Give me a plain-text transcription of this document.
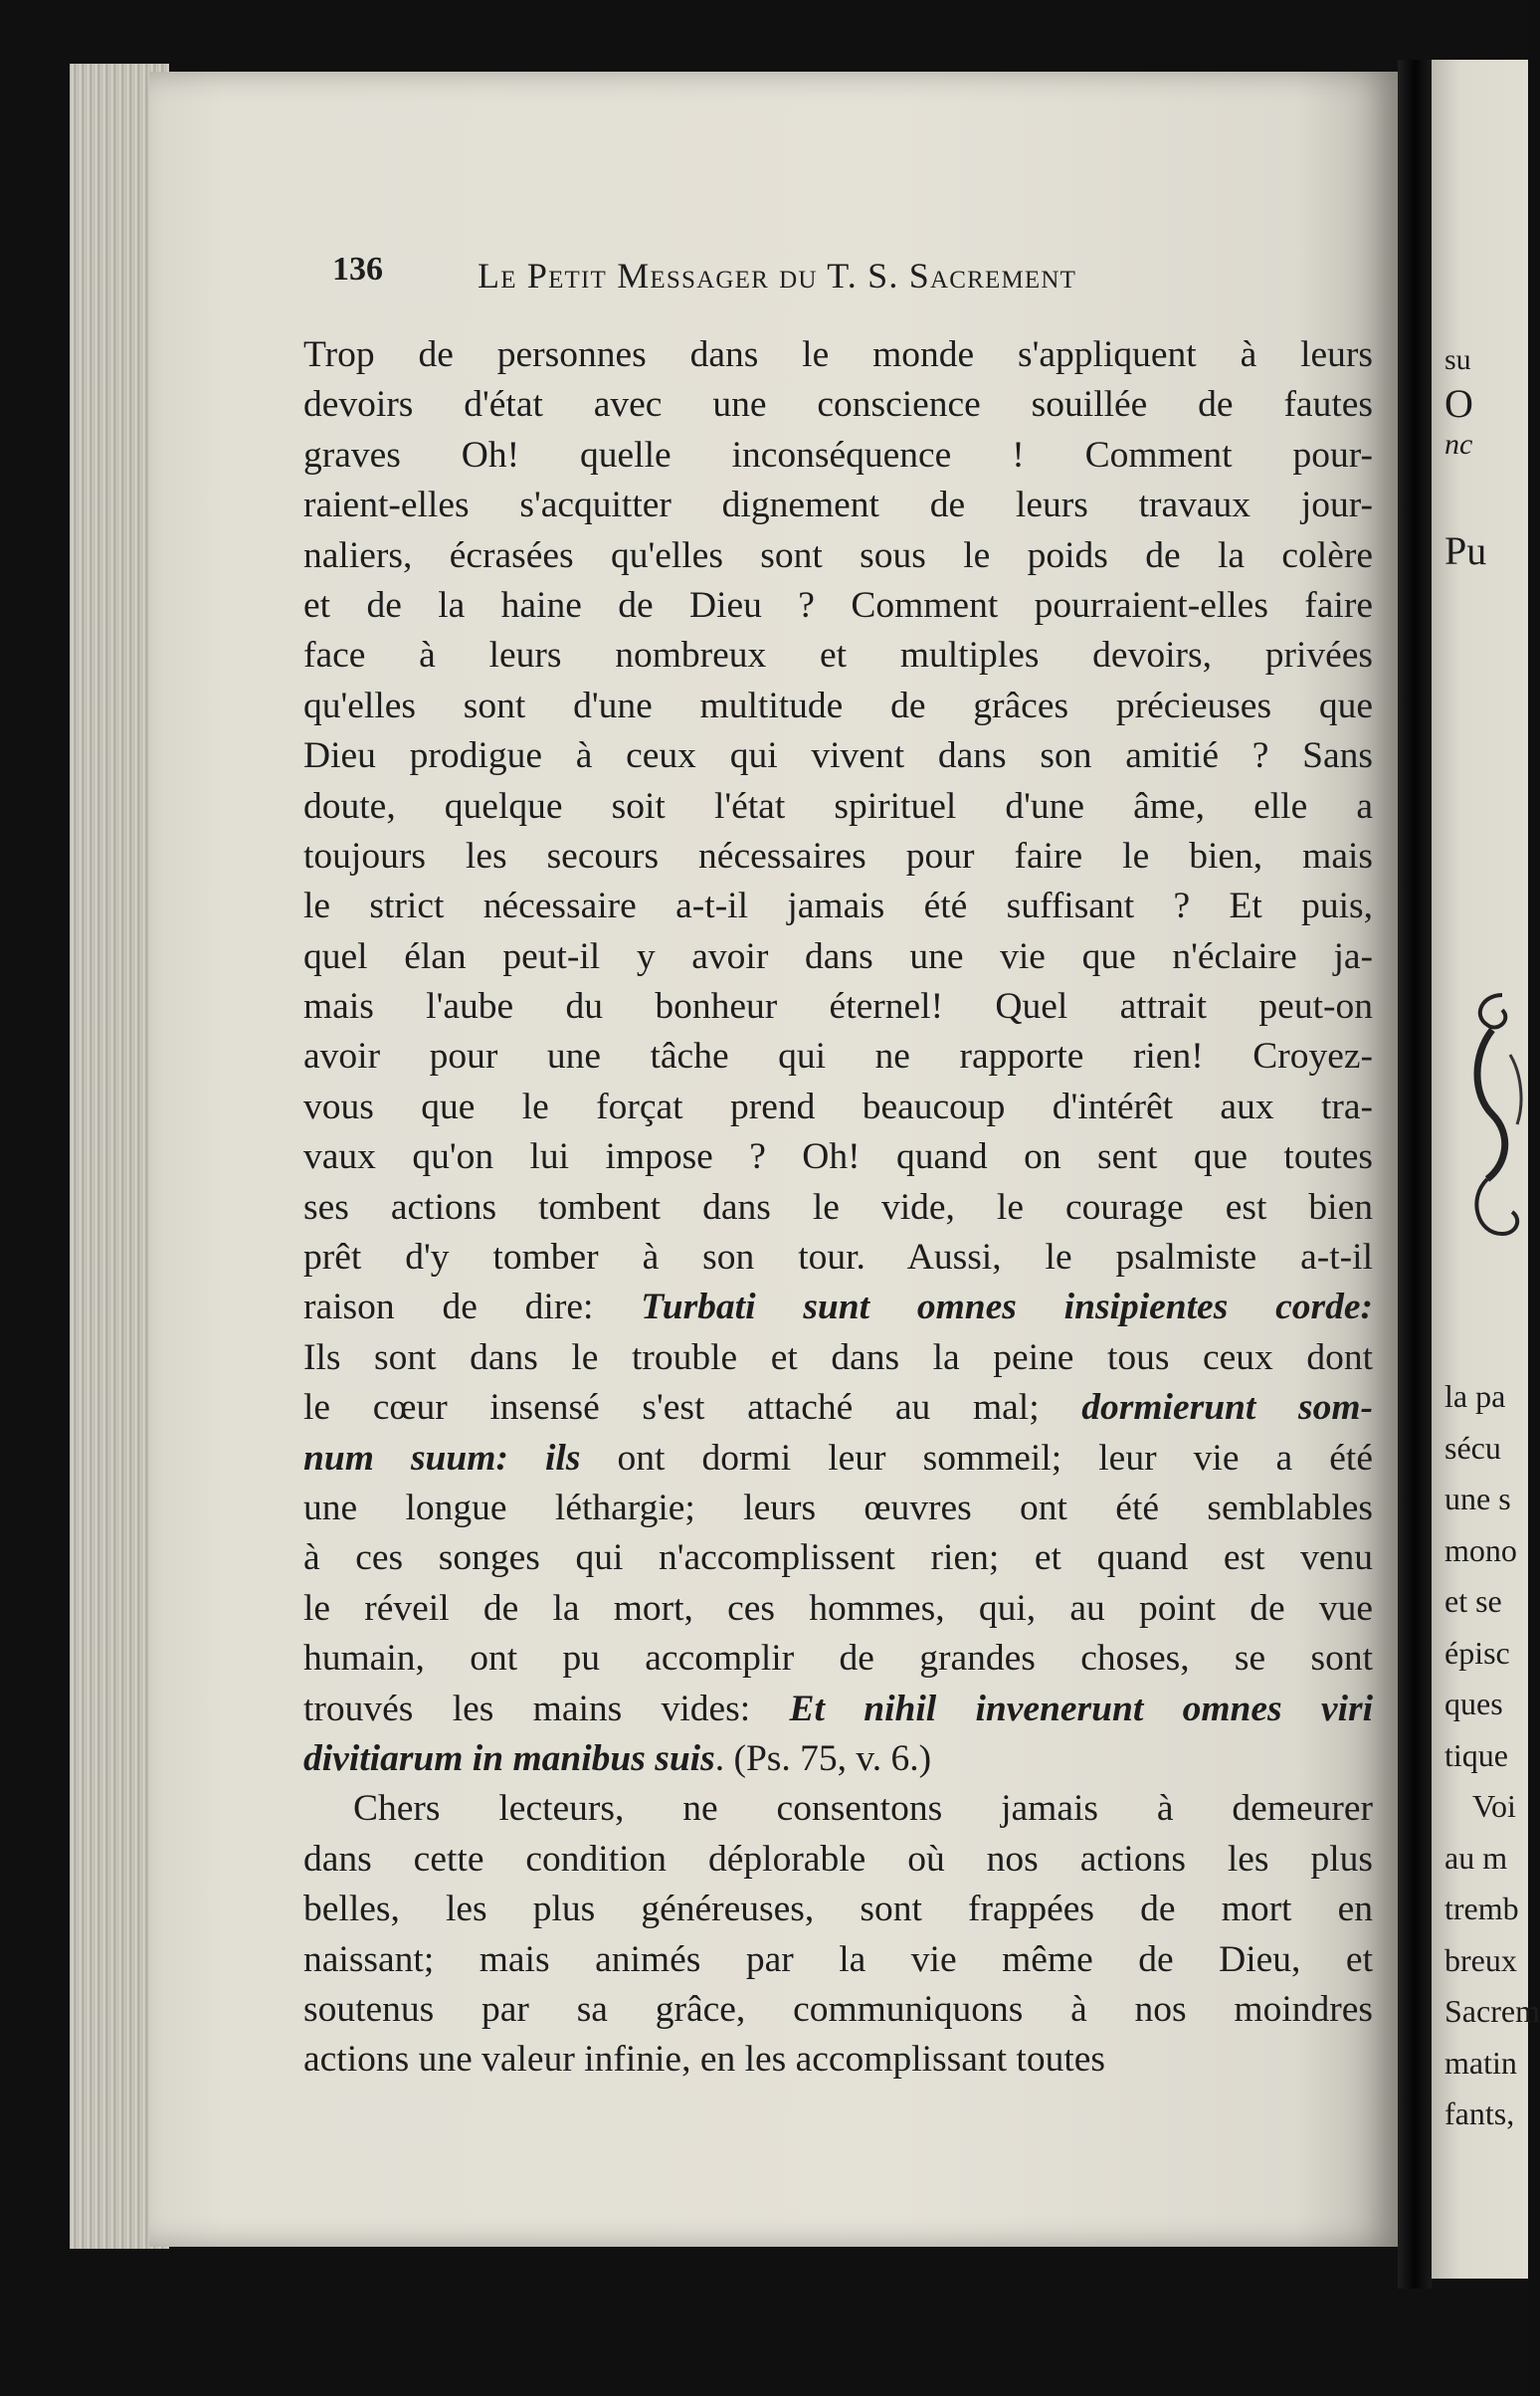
136	Le Petit Messager du T. S. Sacrement
Trop de personnes dans le monde s'appliquent à leurs
devoirs d'état avec une conscience souillée de fautes
graves Oh! quelle inconséquence ! Comment pour-
raient-elles s'acquitter dignement de leurs travaux jour-
naliers, écrasées qu'elles sont sous le poids de la colère
et de la haine de Dieu ? Comment pourraient-elles faire
face à leurs nombreux et multiples devoirs, privées
qu'elles sont d'une multitude de grâces précieuses que
Dieu prodigue à ceux qui vivent dans son amitié ? Sans
doute, quelque soit l'état spirituel d'une âme, elle a
toujours les secours nécessaires pour faire le bien, mais
le strict nécessaire a-t-il jamais été suffisant ? Et puis,
quel élan peut-il y avoir dans une vie que n'éclaire ja-
mais l'aube du bonheur éternel! Quel attrait peut-on
avoir pour une tâche qui ne rapporte rien! Croyez-
vous que le forçat prend beaucoup d'intérêt aux tra-
vaux qu'on lui impose ? Oh! quand on sent que toutes
ses actions tombent dans le vide, le courage est bien
prêt d'y tomber à son tour. Aussi, le psalmiste a-t-il
raison de dire: Turbati sunt omnes insipientes corde:
Ils sont dans le trouble et dans la peine tous ceux dont
le cœur insensé s'est attaché au mal; dormierunt som-
num suum: ils ont dormi leur sommeil; leur vie a été
une longue léthargie; leurs œuvres ont été semblables
à ces songes qui n'accomplissent rien; et quand est venu
le réveil de la mort, ces hommes, qui, au point de vue
humain, ont pu accomplir de grandes choses, se sont
trouvés les mains vides: Et nihil invenerunt omnes viri
divitiarum in manibus suis. (Ps. 75, v. 6.)
Chers lecteurs, ne consentons jamais à demeurer
dans cette condition déplorable où nos actions les plus
belles, les plus généreuses, sont frappées de mort en
naissant; mais animés par la vie même de Dieu, et
soutenus par sa grâce, communiquons à nos moindres
actions une valeur infinie, en les accomplissant toutes
su
O
nc
Pu
la pa
sécu
une s
mono
et se
épisc
ques
tique
Voi
au m
tremb
breux
Sacrem
matin
fants,
